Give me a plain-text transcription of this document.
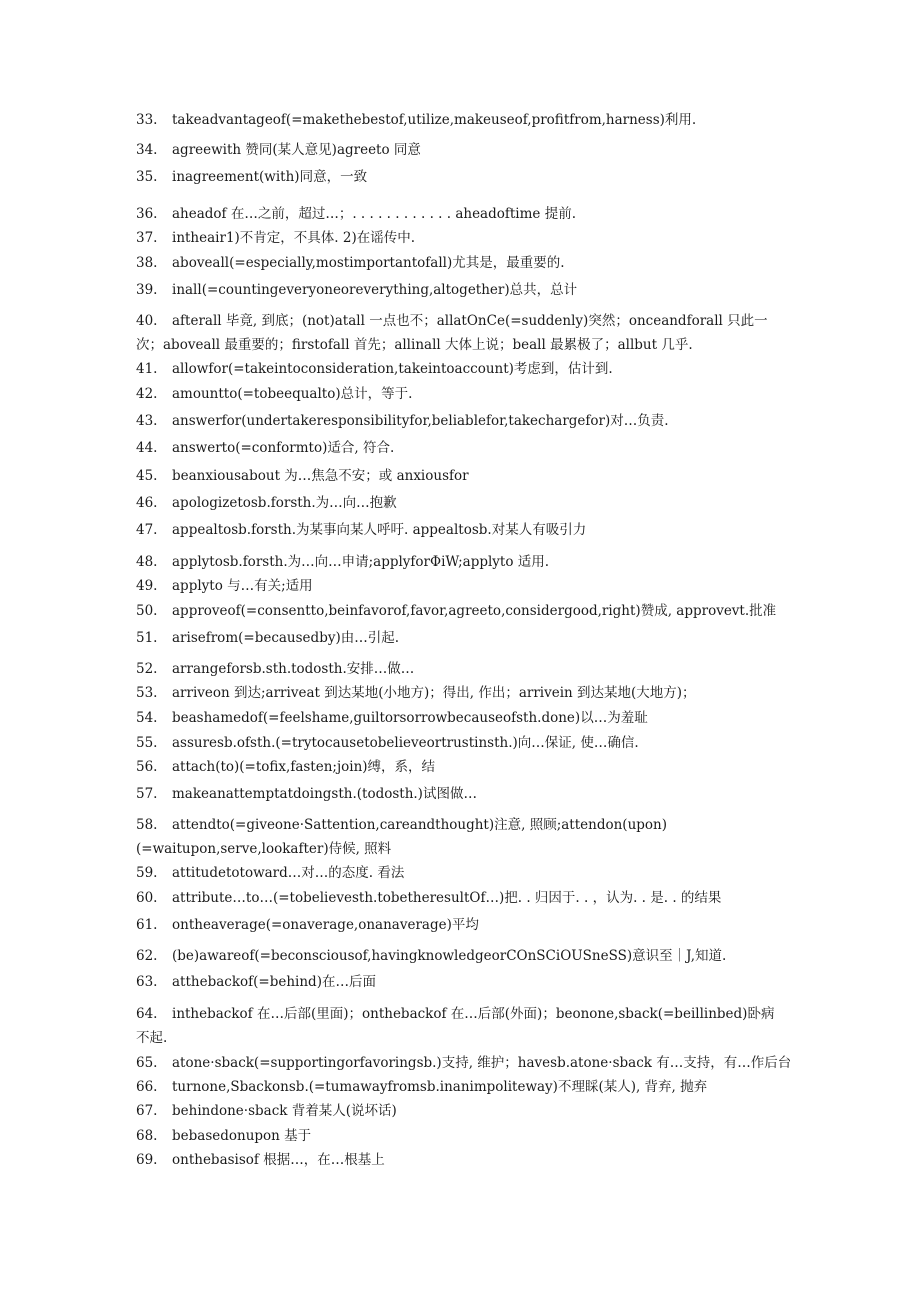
33. takeadvantageof(=makethebestof,utilize,makeuseof,profitfrom,harness)利用.
34. agreewith 赞同(某人意见)agreeto 同意
35. inagreement(with)同意，一致
36. aheadof 在…之前，超过…；. . . . . . . . . . . . aheadoftime 提前.
37. intheair1)不肯定，不具体. 2)在谣传中.
38. aboveall(=especially,mostimportantofall)尤其是，最重要的.
39. inall(=countingeveryoneoreverything,altogether)总共，总计
40. afterall 毕竟, 到底；(not)atall 一点也不；allatOnCe(=suddenly)突然；onceandforall 只此一次；aboveall 最重要的；firstofall 首先；allinall 大体上说；beall 最累极了；allbut 几乎.
41. allowfor(=takeintoconsideration,takeintoaccount)考虑到，估计到.
42. amountto(=tobeequalto)总计，等于.
43. answerfor(undertakeresponsibilityfor,beliablefor,takechargefor)对…负责.
44. answerto(=conformto)适合, 符合.
45. beanxiousabout 为…焦急不安；或 anxiousfor
46. apologizetosb.forsth.为…向…抱歉
47. appealtosb.forsth.为某事向某人呼吁. appealtosb.对某人有吸引力
48. applytosb.forsth.为…向…申请;applyforΦiW;applyto 适用.
49. applyto 与…有关;适用
50. approveof(=consentto,beinfavorof,favor,agreeto,considergood,right)赞成, approvevt.批准
51. arisefrom(=becausedby)由…引起.
52. arrangeforsb.sth.todosth.安排…做…
53. arriveon 到达;arriveat 到达某地(小地方)；得出, 作出；arrivein 到达某地(大地方)；
54. beashamedof(=feelshame,guiltorsorrowbecauseofsth.done)以…为羞耻
55. assuresb.ofsth.(=trytocausetobelieveortrustinsth.)向…保证, 使…确信.
56. attach(to)(=tofix,fasten;join)缚，系，结
57. makeanattemptatdoingsth.(todosth.)试图做…
58. attendto(=giveone·Sattention,careandthought)注意, 照顾;attendon(upon)(=waitupon,serve,lookafter)侍候, 照料
59. attitudetotoward…对…的态度. 看法
60. attribute…to…(=tobelievesth.tobetheresultOf…)把. . 归因于. . ，认为. . 是. . 的结果
61. ontheaverage(=onaverage,onanaverage)平均
62. (be)awareof(=beconsciousof,havingknowledgeorCOnSCiOUSneSS)意识至｜J,知道.
63. atthebackof(=behind)在…后面
64. inthebackof 在…后部(里面)；onthebackof 在…后部(外面)；beonone,sback(=beillinbed)卧病不起.
65. atone·sback(=supportingorfavoringsb.)支持, 维护；havesb.atone·sback 有…支持，有…作后台
66. turnone,Sbackonsb.(=tumawayfromsb.inanimpoliteway)不理睬(某人), 背弃, 抛弃
67. behindone·sback 背着某人(说坏话)
68. bebasedonupon 基于
69. onthebasisof 根据…，在…根基上
